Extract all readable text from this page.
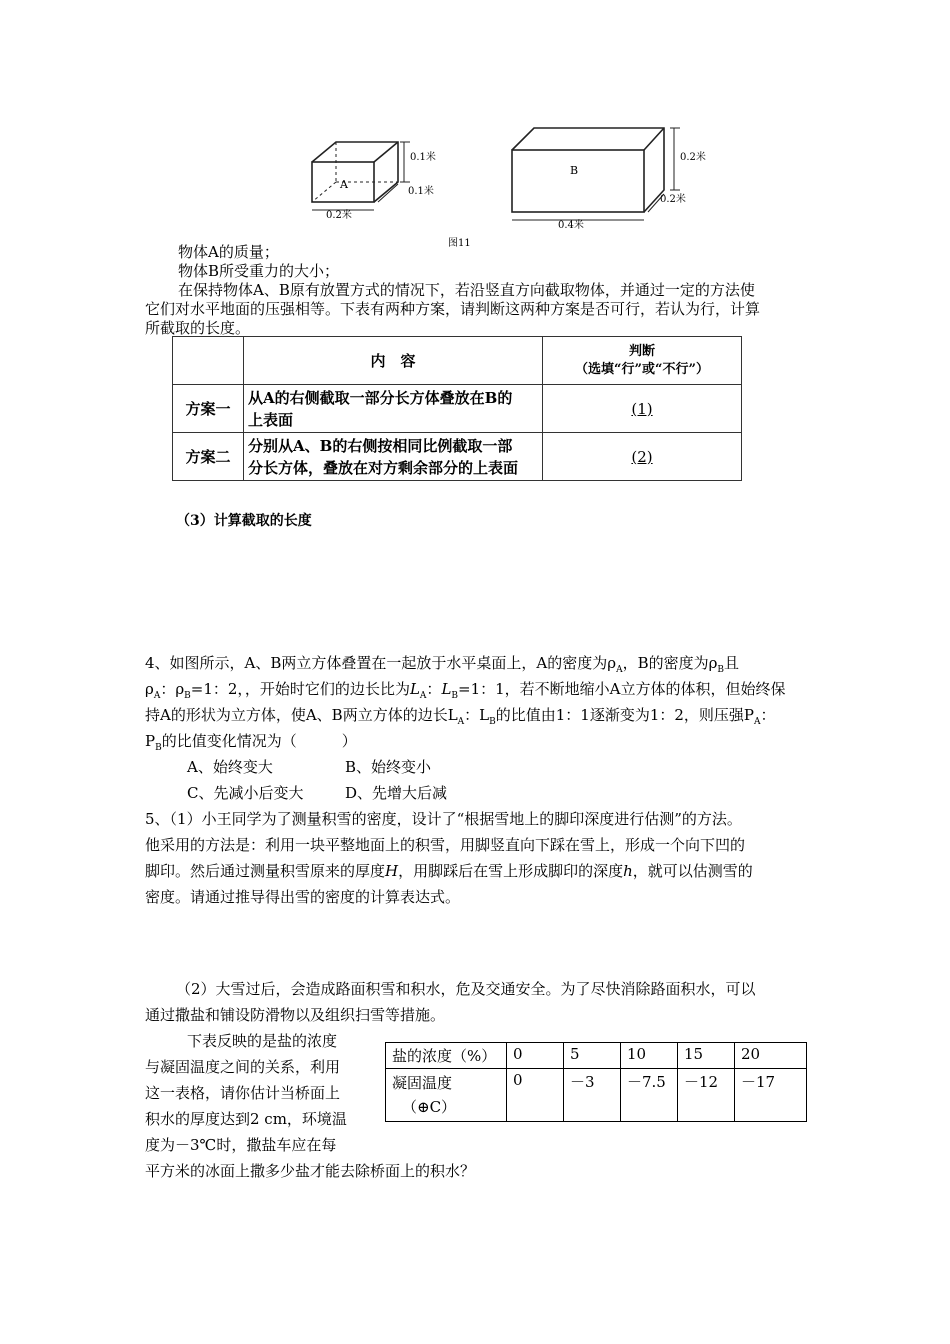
A
0.1米
0.1米
0.2米
B
0.2米
0.2米
0.4米
图11
物体A的质量；
物体B所受重力的大小；
在保持物体A、B原有放置方式的情况下，若沿竖直方向截取物体，并通过一定的方法使
它们对水平地面的压强相等。下表有两种方案，请判断这两种方案是否可行，若认为行，计算
所截取的长度。
	内　容	判断
（选填“行”或“不行”）

方案一	从A的右侧截取一部分长方体叠放在B的
上表面	(1)
方案二	分别从A、B的右侧按相同比例截取一部
分长方体，叠放在对方剩余部分的上表面	(2)
（3）计算截取的长度
4、如图所示，A、B两立方体叠置在一起放于水平桌面上，A的密度为$\rho_A$，B的密度为$\rho_B$且
$\rho_A$：$\rho_B=1$：2，，开始时它们的边长比为$L_A$：$L_B=1$：1，若不断地缩小A立方体的体积，但始终保
持A的形状为立方体，使A、B两立方体的边长$L_A$：$L_B$的比值由1：1逐渐变为1：2，则压强$P_A$：
$P_B$的比值变化情况为（　　　）
A、始终变大	B、始终变小
C、先减小后变大	D、先增大后减
5、（1）小王同学为了测量积雪的密度，设计了“根据雪地上的脚印深度进行估测”的方法。
他采用的方法是：利用一块平整地面上的积雪，用脚竖直向下踩在雪上，形成一个向下凹的
脚印。然后通过测量积雪原来的厚度H，用脚踩后在雪上形成脚印的深度h，就可以估测雪的
密度。请通过推导得出雪的密度的计算表达式。
（2）大雪过后，会造成路面积雪和积水，危及交通安全。为了尽快消除路面积水，可以
通过撒盐和铺设防滑物以及组织扫雪等措施。
下表反映的是盐的浓度
与凝固温度之间的关系，利用
这一表格，请你估计当桥面上
积水的厚度达到2 cm，环境温
度为－3℃时，撒盐车应在每
平方米的冰面上撒多少盐才能去除桥面上的积水？
盐的浓度（%）	0	5	10	15	20

凝固温度
（⊕C）	0	－3	－7.5	－12	－17
